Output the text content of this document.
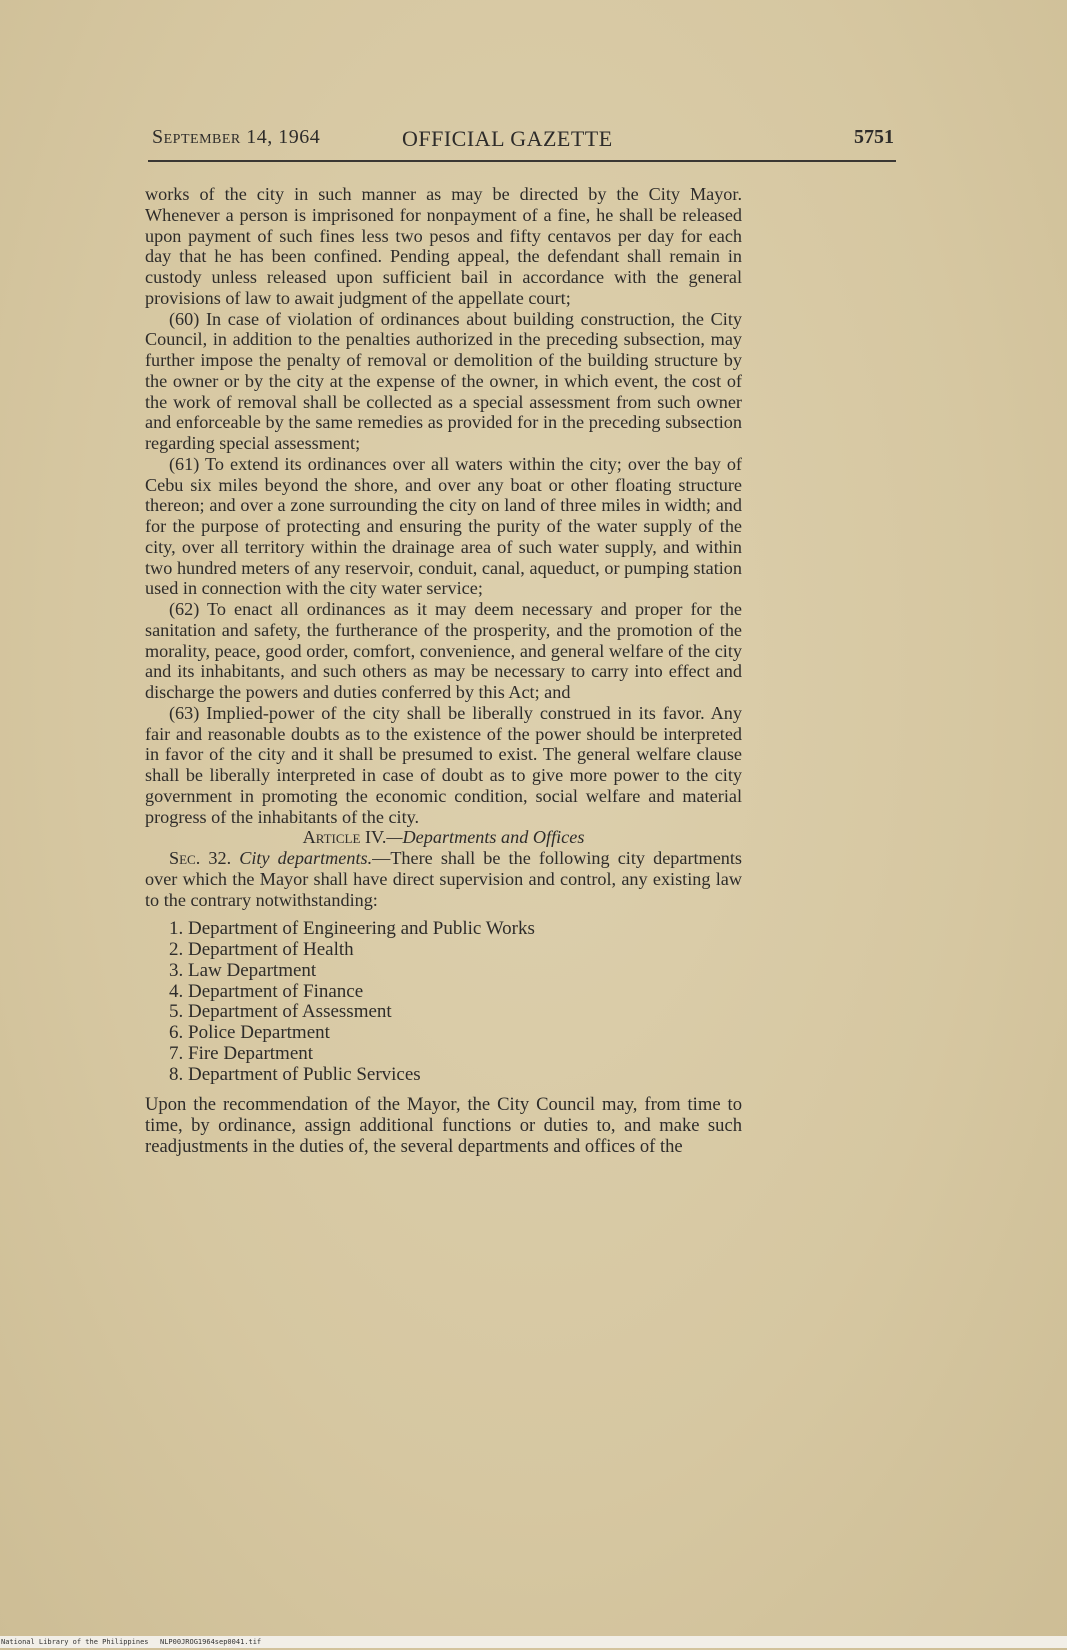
September 14, 1964	OFFICIAL GAZETTE	5751

works of the city in such manner as may be directed by the City Mayor. Whenever a person is imprisoned for nonpayment of a fine, he shall be released upon payment of such fines less two pesos and fifty centavos per day for each day that he has been confined. Pending appeal, the defendant shall remain in custody unless released upon sufficient bail in accordance with the general provisions of law to await judgment of the appellate court;

(60) In case of violation of ordinances about building construction, the City Council, in addition to the penalties authorized in the preceding subsection, may further impose the penalty of removal or demolition of the building structure by the owner or by the city at the expense of the owner, in which event, the cost of the work of removal shall be collected as a special assessment from such owner and enforceable by the same remedies as provided for in the preceding subsection regarding special assessment;

(61) To extend its ordinances over all waters within the city; over the bay of Cebu six miles beyond the shore, and over any boat or other floating structure thereon; and over a zone surrounding the city on land of three miles in width; and for the purpose of protecting and ensuring the purity of the water supply of the city, over all territory within the drainage area of such water supply, and within two hundred meters of any reservoir, conduit, canal, aqueduct, or pumping station used in connection with the city water service;

(62) To enact all ordinances as it may deem necessary and proper for the sanitation and safety, the furtherance of the prosperity, and the promotion of the morality, peace, good order, comfort, convenience, and general welfare of the city and its inhabitants, and such others as may be necessary to carry into effect and discharge the powers and duties conferred by this Act; and

(63) Implied-power of the city shall be liberally construed in its favor. Any fair and reasonable doubts as to the existence of the power should be interpreted in favor of the city and it shall be presumed to exist. The general welfare clause shall be liberally interpreted in case of doubt as to give more power to the city government in promoting the economic condition, social welfare and material progress of the inhabitants of the city.

Article IV.—Departments and Offices

Sec. 32. City departments.—There shall be the following city departments over which the Mayor shall have direct supervision and control, any existing law to the contrary notwithstanding:

1. Department of Engineering and Public Works
2. Department of Health
3. Law Department
4. Department of Finance
5. Department of Assessment
6. Police Department
7. Fire Department
8. Department of Public Services

Upon the recommendation of the Mayor, the City Council may, from time to time, by ordinance, assign additional functions or duties to, and make such readjustments in the duties of, the several departments and offices of the

National Library of the Philippines NLP00JROG1964sep0041.tif
